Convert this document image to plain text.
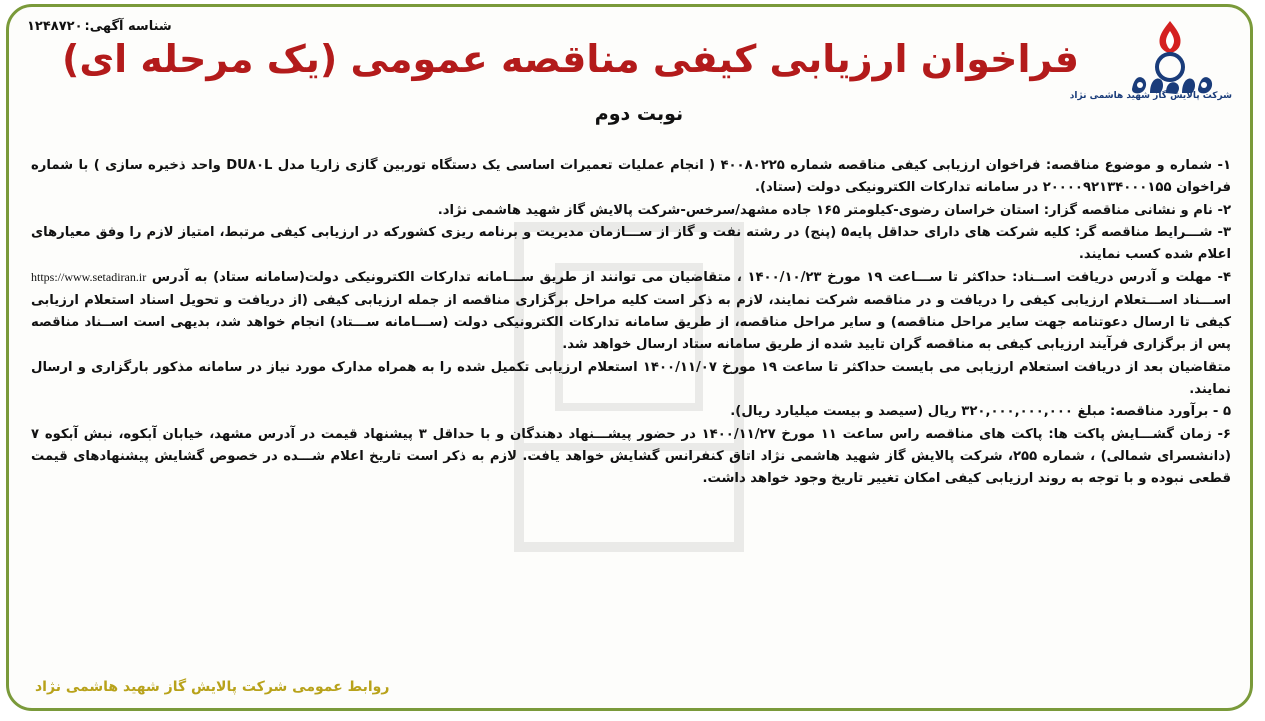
شناسه آگهی:۱۲۴۸۷۲۰
فراخوان ارزیابی کیفی مناقصه عمومی (یک مرحله ای)
نوبت دوم
شرکت پالایش گاز شهید هاشمی نژاد

۱- شماره و موضوع مناقصه: فراخوان ارزیابی کیفی مناقصه شماره ۴۰۰۸۰۲۲۵ ( انجام عملیات تعمیرات اساسی یک دستگاه توربین گازی زاریا مدل DU۸۰L واحد ذخیره سازی ) با شماره فراخوان ۲۰۰۰۰۹۲۱۳۴۰۰۰۱۵۵ در سامانه تدارکات الکترونیکی دولت (ستاد).

۲- نام و نشانی مناقصه گزار: استان خراسان رضوی-کیلومتر ۱۶۵ جاده مشهد/سرخس-شرکت پالایش گاز شهید هاشمی نژاد.

۳- شـــرایط مناقصه گر: کلیه شرکت های دارای حداقل پایه۵ (پنج) در رشته نفت و گاز از ســـازمان مدیریت و برنامه ریزی کشورکه در ارزیابی کیفی مرتبط، امتیاز لازم را وفق معیارهای اعلام شده کسب نمایند.

۴- مهلت و آدرس دریافت اســناد: حداکثر تا ســـاعت ۱۹ مورخ ۱۴۰۰/۱۰/۲۳ ، متقاضیان می توانند از طریق ســـامانه تدارکات الکترونیکی دولت(سامانه ستاد) به آدرس https://www.setadiran.ir اســـناد اســـتعلام ارزیابی کیفی را دریافت و در مناقصه شرکت نمایند، لازم به ذکر است کلیه مراحل برگزاری مناقصه از جمله ارزیابی کیفی (از دریافت و تحویل اسناد استعلام ارزیابی کیفی تا ارسال دعوتنامه جهت سایر مراحل مناقصه) و سایر مراحل مناقصه، از طریق سامانه تدارکات الکترونیکی دولت (ســـامانه ســـتاد) انجام خواهد شد، بدیهی است اســناد مناقصه پس از برگزاری فرآیند ارزیابی کیفی به مناقصه گران تایید شده از طریق سامانه ستاد ارسال خواهد شد.

متقاضیان بعد از دریافت استعلام ارزیابی می بایست حداکثر تا ساعت ۱۹ مورخ ۱۴۰۰/۱۱/۰۷ استعلام ارزیابی تکمیل شده را به همراه مدارک مورد نیاز در سامانه مذکور بارگزاری و ارسال نمایند.

۵ - برآورد مناقصه: مبلغ ۳۲۰,۰۰۰,۰۰۰,۰۰۰ ریال (سیصد و بیست میلیارد ریال).

۶- زمان گشـــایش پاکت ها: پاکت های مناقصه راس ساعت ۱۱ مورخ ۱۴۰۰/۱۱/۲۷ در حضور پیشـــنهاد دهندگان و با حداقل ۳ پیشنهاد قیمت در آدرس مشهد، خیابان آبکوه، نبش آبکوه ۷ (دانشسرای شمالی) ، شماره ۲۵۵، شرکت پالایش گاز شهید هاشمی نژاد اتاق کنفرانس گشایش خواهد یافت. لازم به ذکر است تاریخ اعلام شـــده در خصوص گشایش پیشنهادهای قیمت قطعی نبوده و با توجه به روند ارزیابی کیفی امکان تغییر تاریخ وجود خواهد داشت.

روابط عمومی شرکت پالایش گاز شهید هاشمی نژاد
